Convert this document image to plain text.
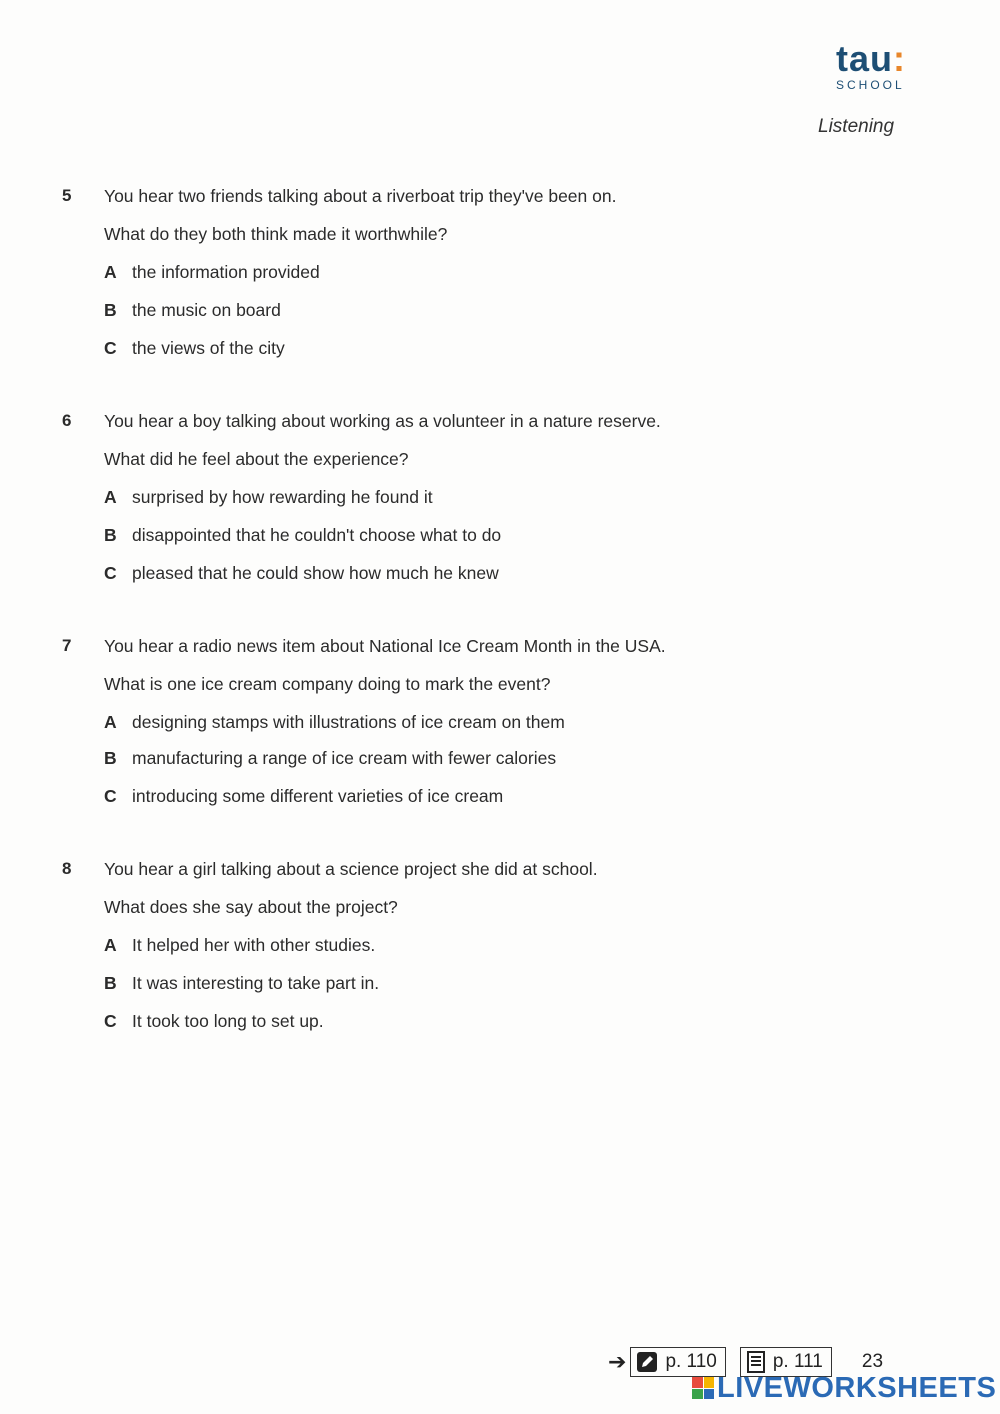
tau:
SCHOOL
Listening
5 You hear two friends talking about a riverboat trip they've been on.
What do they both think made it worthwhile?
A the information provided
B the music on board
C the views of the city
6 You hear a boy talking about working as a volunteer in a nature reserve.
What did he feel about the experience?
A surprised by how rewarding he found it
B disappointed that he couldn't choose what to do
C pleased that he could show how much he knew
7 You hear a radio news item about National Ice Cream Month in the USA.
What is one ice cream company doing to mark the event?
A designing stamps with illustrations of ice cream on them
B manufacturing a range of ice cream with fewer calories
C introducing some different varieties of ice cream
8 You hear a girl talking about a science project she did at school.
What does she say about the project?
A It helped her with other studies.
B It was interesting to take part in.
C It took too long to set up.
➔ p. 110	p. 111 23
LIVEWORKSHEETS
